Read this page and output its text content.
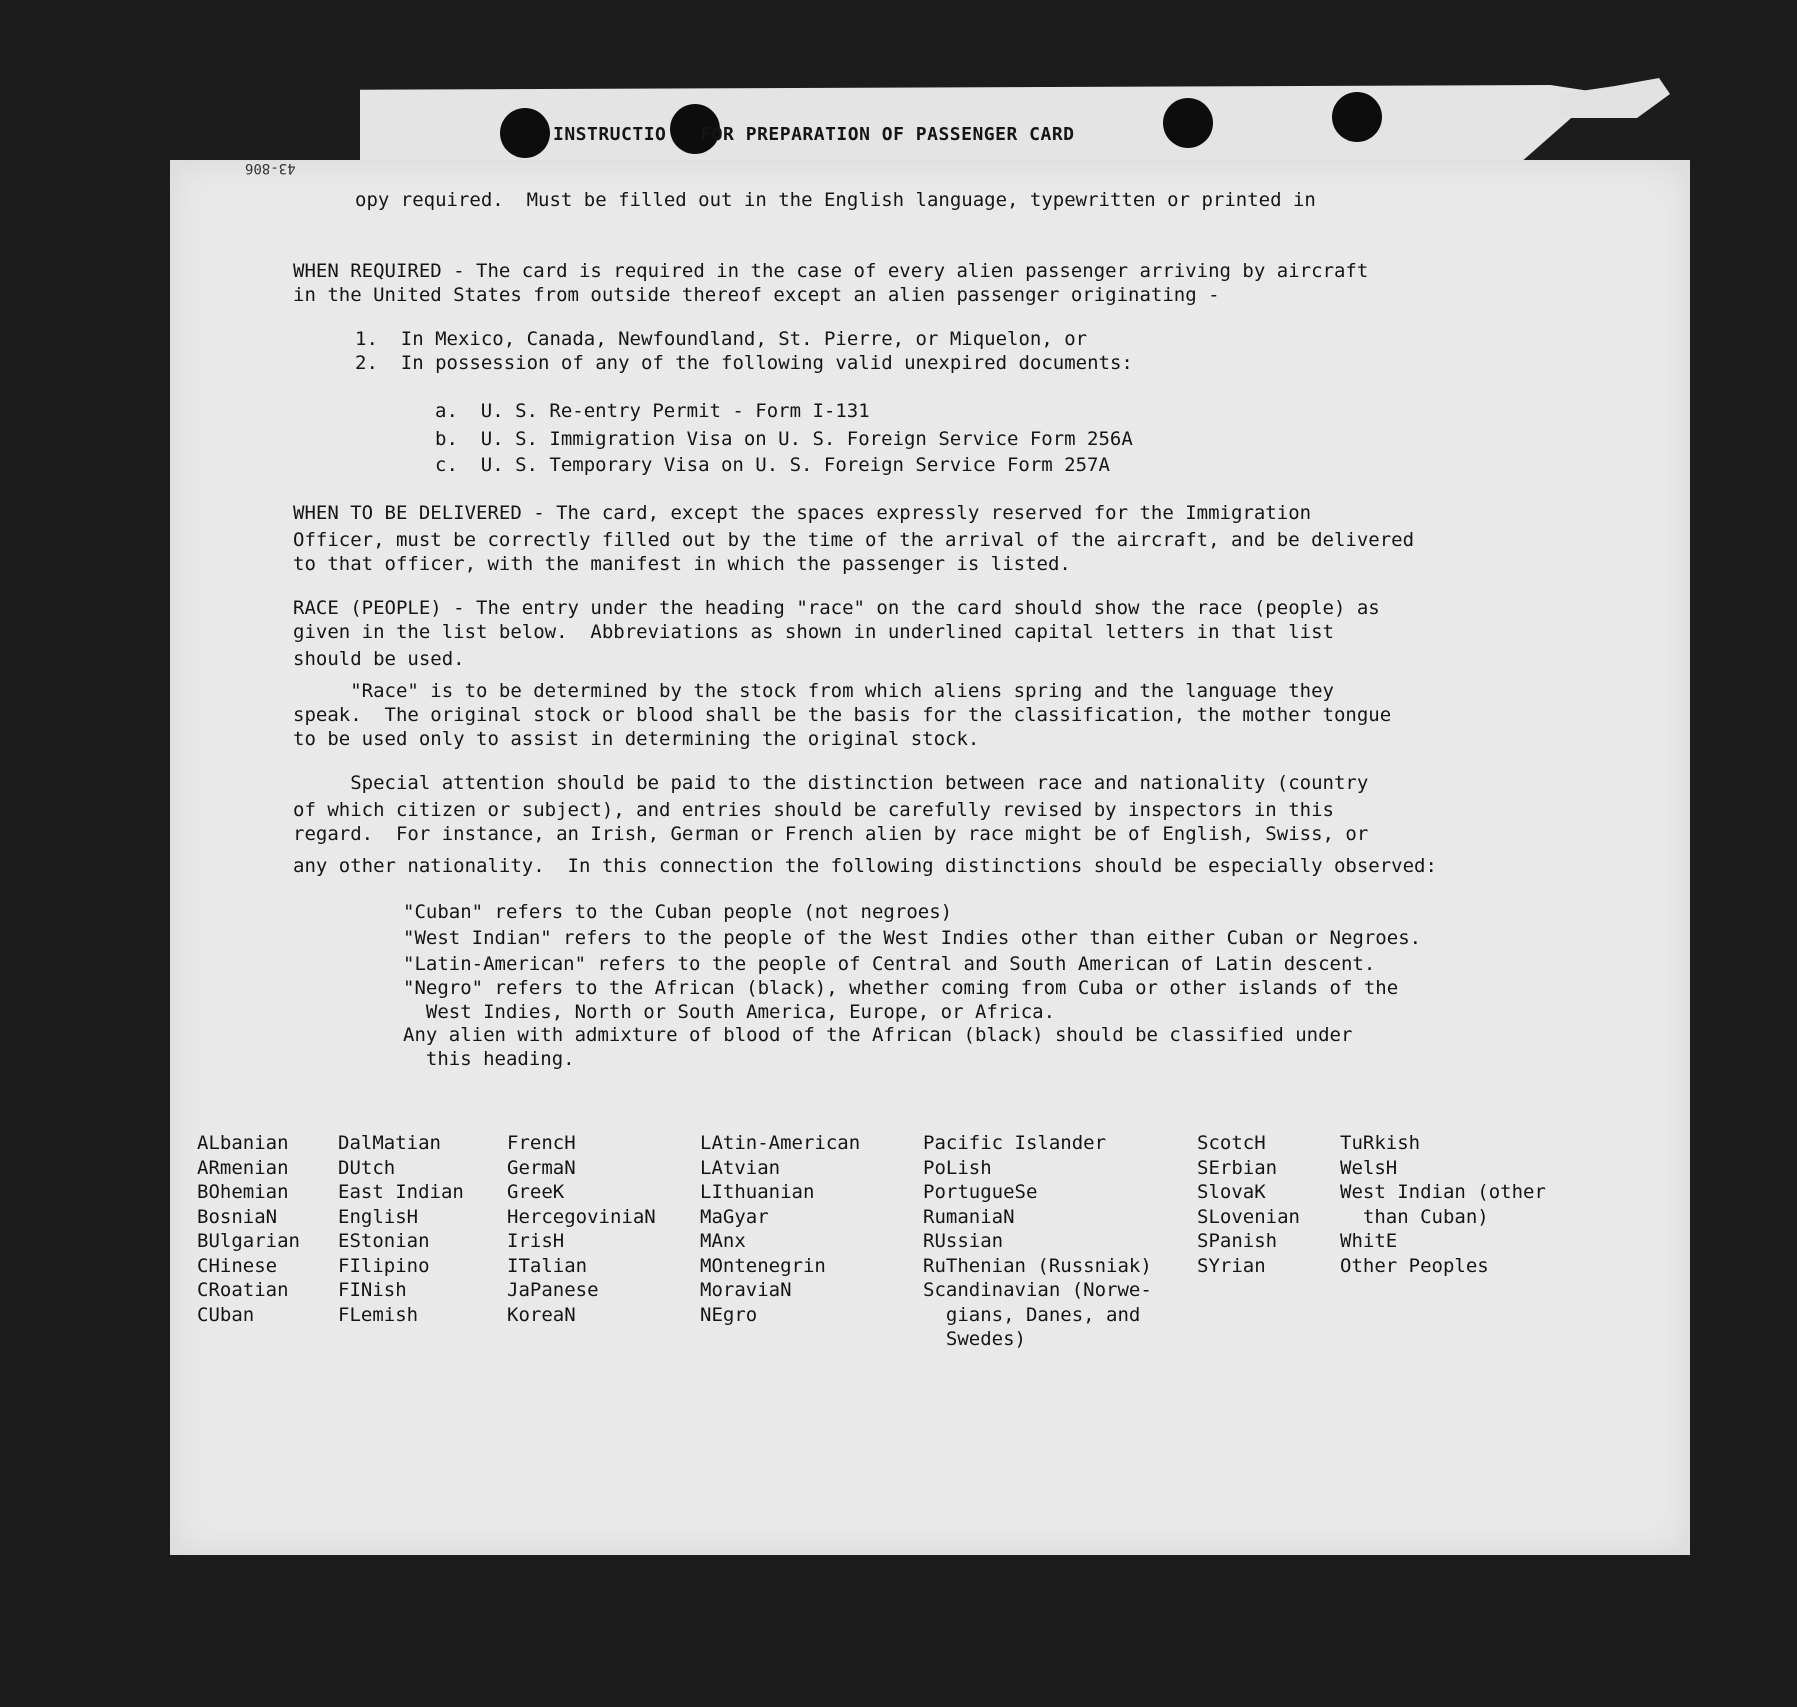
43-806
INSTRUCTIO   FOR PREPARATION OF PASSENGER CARD
opy required.  Must be filled out in the English language, typewritten or printed in
WHEN REQUIRED - The card is required in the case of every alien passenger arriving by aircraft
in the United States from outside thereof except an alien passenger originating -
1.  In Mexico, Canada, Newfoundland, St. Pierre, or Miquelon, or
2.  In possession of any of the following valid unexpired documents:
a.  U. S. Re-entry Permit - Form I-131
b.  U. S. Immigration Visa on U. S. Foreign Service Form 256A
c.  U. S. Temporary Visa on U. S. Foreign Service Form 257A
WHEN TO BE DELIVERED - The card, except the spaces expressly reserved for the Immigration
Officer, must be correctly filled out by the time of the arrival of the aircraft, and be delivered
to that officer, with the manifest in which the passenger is listed.
RACE (PEOPLE) - The entry under the heading "race" on the card should show the race (people) as
given in the list below.  Abbreviations as shown in underlined capital letters in that list
should be used.
"Race" is to be determined by the stock from which aliens spring and the language they
speak.  The original stock or blood shall be the basis for the classification, the mother tongue
to be used only to assist in determining the original stock.
Special attention should be paid to the distinction between race and nationality (country
of which citizen or subject), and entries should be carefully revised by inspectors in this
regard.  For instance, an Irish, German or French alien by race might be of English, Swiss, or
any other nationality.  In this connection the following distinctions should be especially observed:
"Cuban" refers to the Cuban people (not negroes)
"West Indian" refers to the people of the West Indies other than either Cuban or Negroes.
"Latin-American" refers to the people of Central and South American of Latin descent.
"Negro" refers to the African (black), whether coming from Cuba or other islands of the
West Indies, North or South America, Europe, or Africa.
Any alien with admixture of blood of the African (black) should be classified under
this heading.
ALbanian
ARmenian
BOhemian
BosniaN
BUlgarian
CHinese
CRoatian
CUban
DalMatian
DUtch
East Indian
EnglisH
EStonian
FIlipino
FINish
FLemish
FrencH
GermaN
GreeK
HercegoviniaN
IrisH
ITalian
JaPanese
KoreaN
LAtin-American
LAtvian
LIthuanian
MaGyar
MAnx
MOntenegrin
MoraviaN
NEgro
Pacific Islander
PoLish
PortugueSe
RumaniaN
RUssian
RuThenian (Russniak)
Scandinavian (Norwe-
gians, Danes, and
Swedes)
ScotcH
SErbian
SlovaK
SLovenian
SPanish
SYrian
TuRkish
WelsH
West Indian (other
than Cuban)
WhitE
Other Peoples
